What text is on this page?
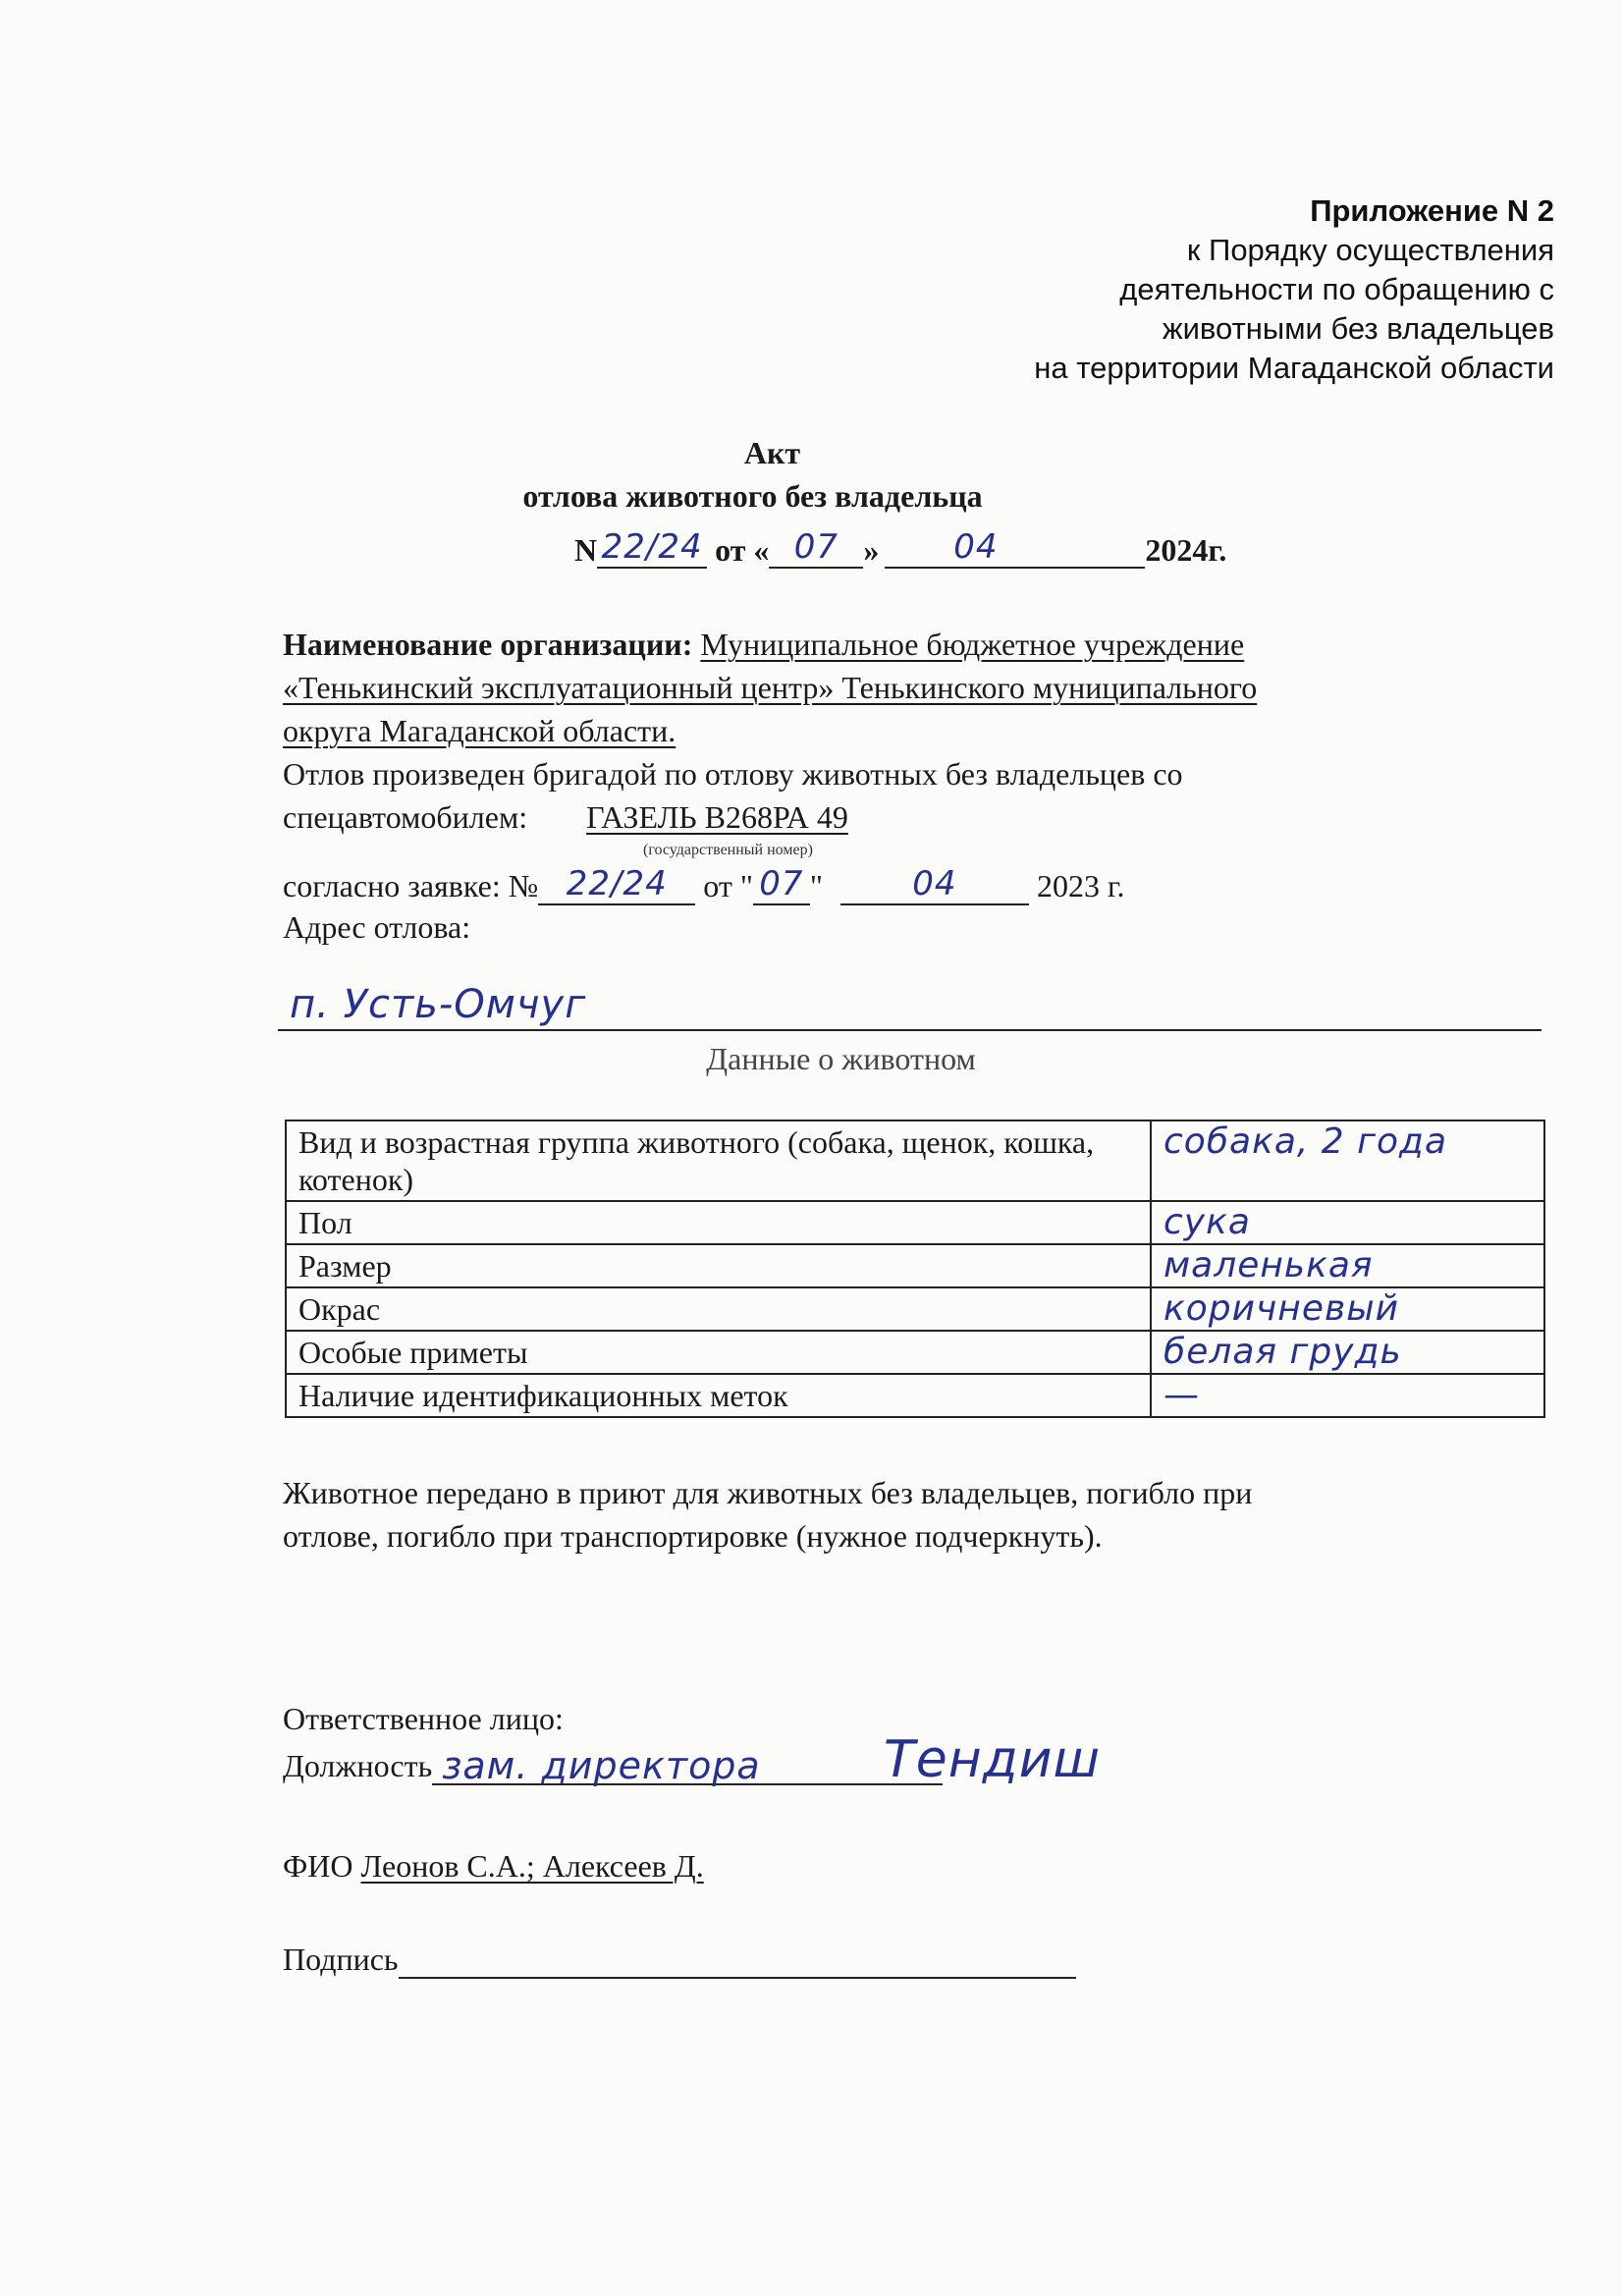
Приложение N 2
к Порядку осуществления
деятельности по обращению с
животными без владельцев
на территории Магаданской области
Акт
отлова животного без владельца
N 22/24 от « 07 » 04	2024г.
Наименование организации: Муниципальное бюджетное учреждение
«Тенькинский эксплуатационный центр» Тенькинского муниципального
округа Магаданской области.
Отлов произведен бригадой по отлову животных без владельцев со
спецавтомобилем: ГАЗЕЛЬ В268РА 49
(государственный номер)
согласно заявке: № 22/24 от " 07 "	04	2023 г.
Адрес отлова:
п. Усть-Омчуг
Данные о животном
Вид и возрастная группа животного (собака, щенок, кошка, котенок)	собака, 2 года

Пол	сука

Размер	маленькая

Окрас	коричневый

Особые приметы	белая грудь

Наличие идентификационных меток	—
Животное передано в приют для животных без владельцев, погибло при
отлове, погибло при транспортировке (нужное подчеркнуть).
Ответственное лицо:
Должность зам. директора Тендиш
ФИО Леонов С.А.; Алексеев Д.
Подпись
